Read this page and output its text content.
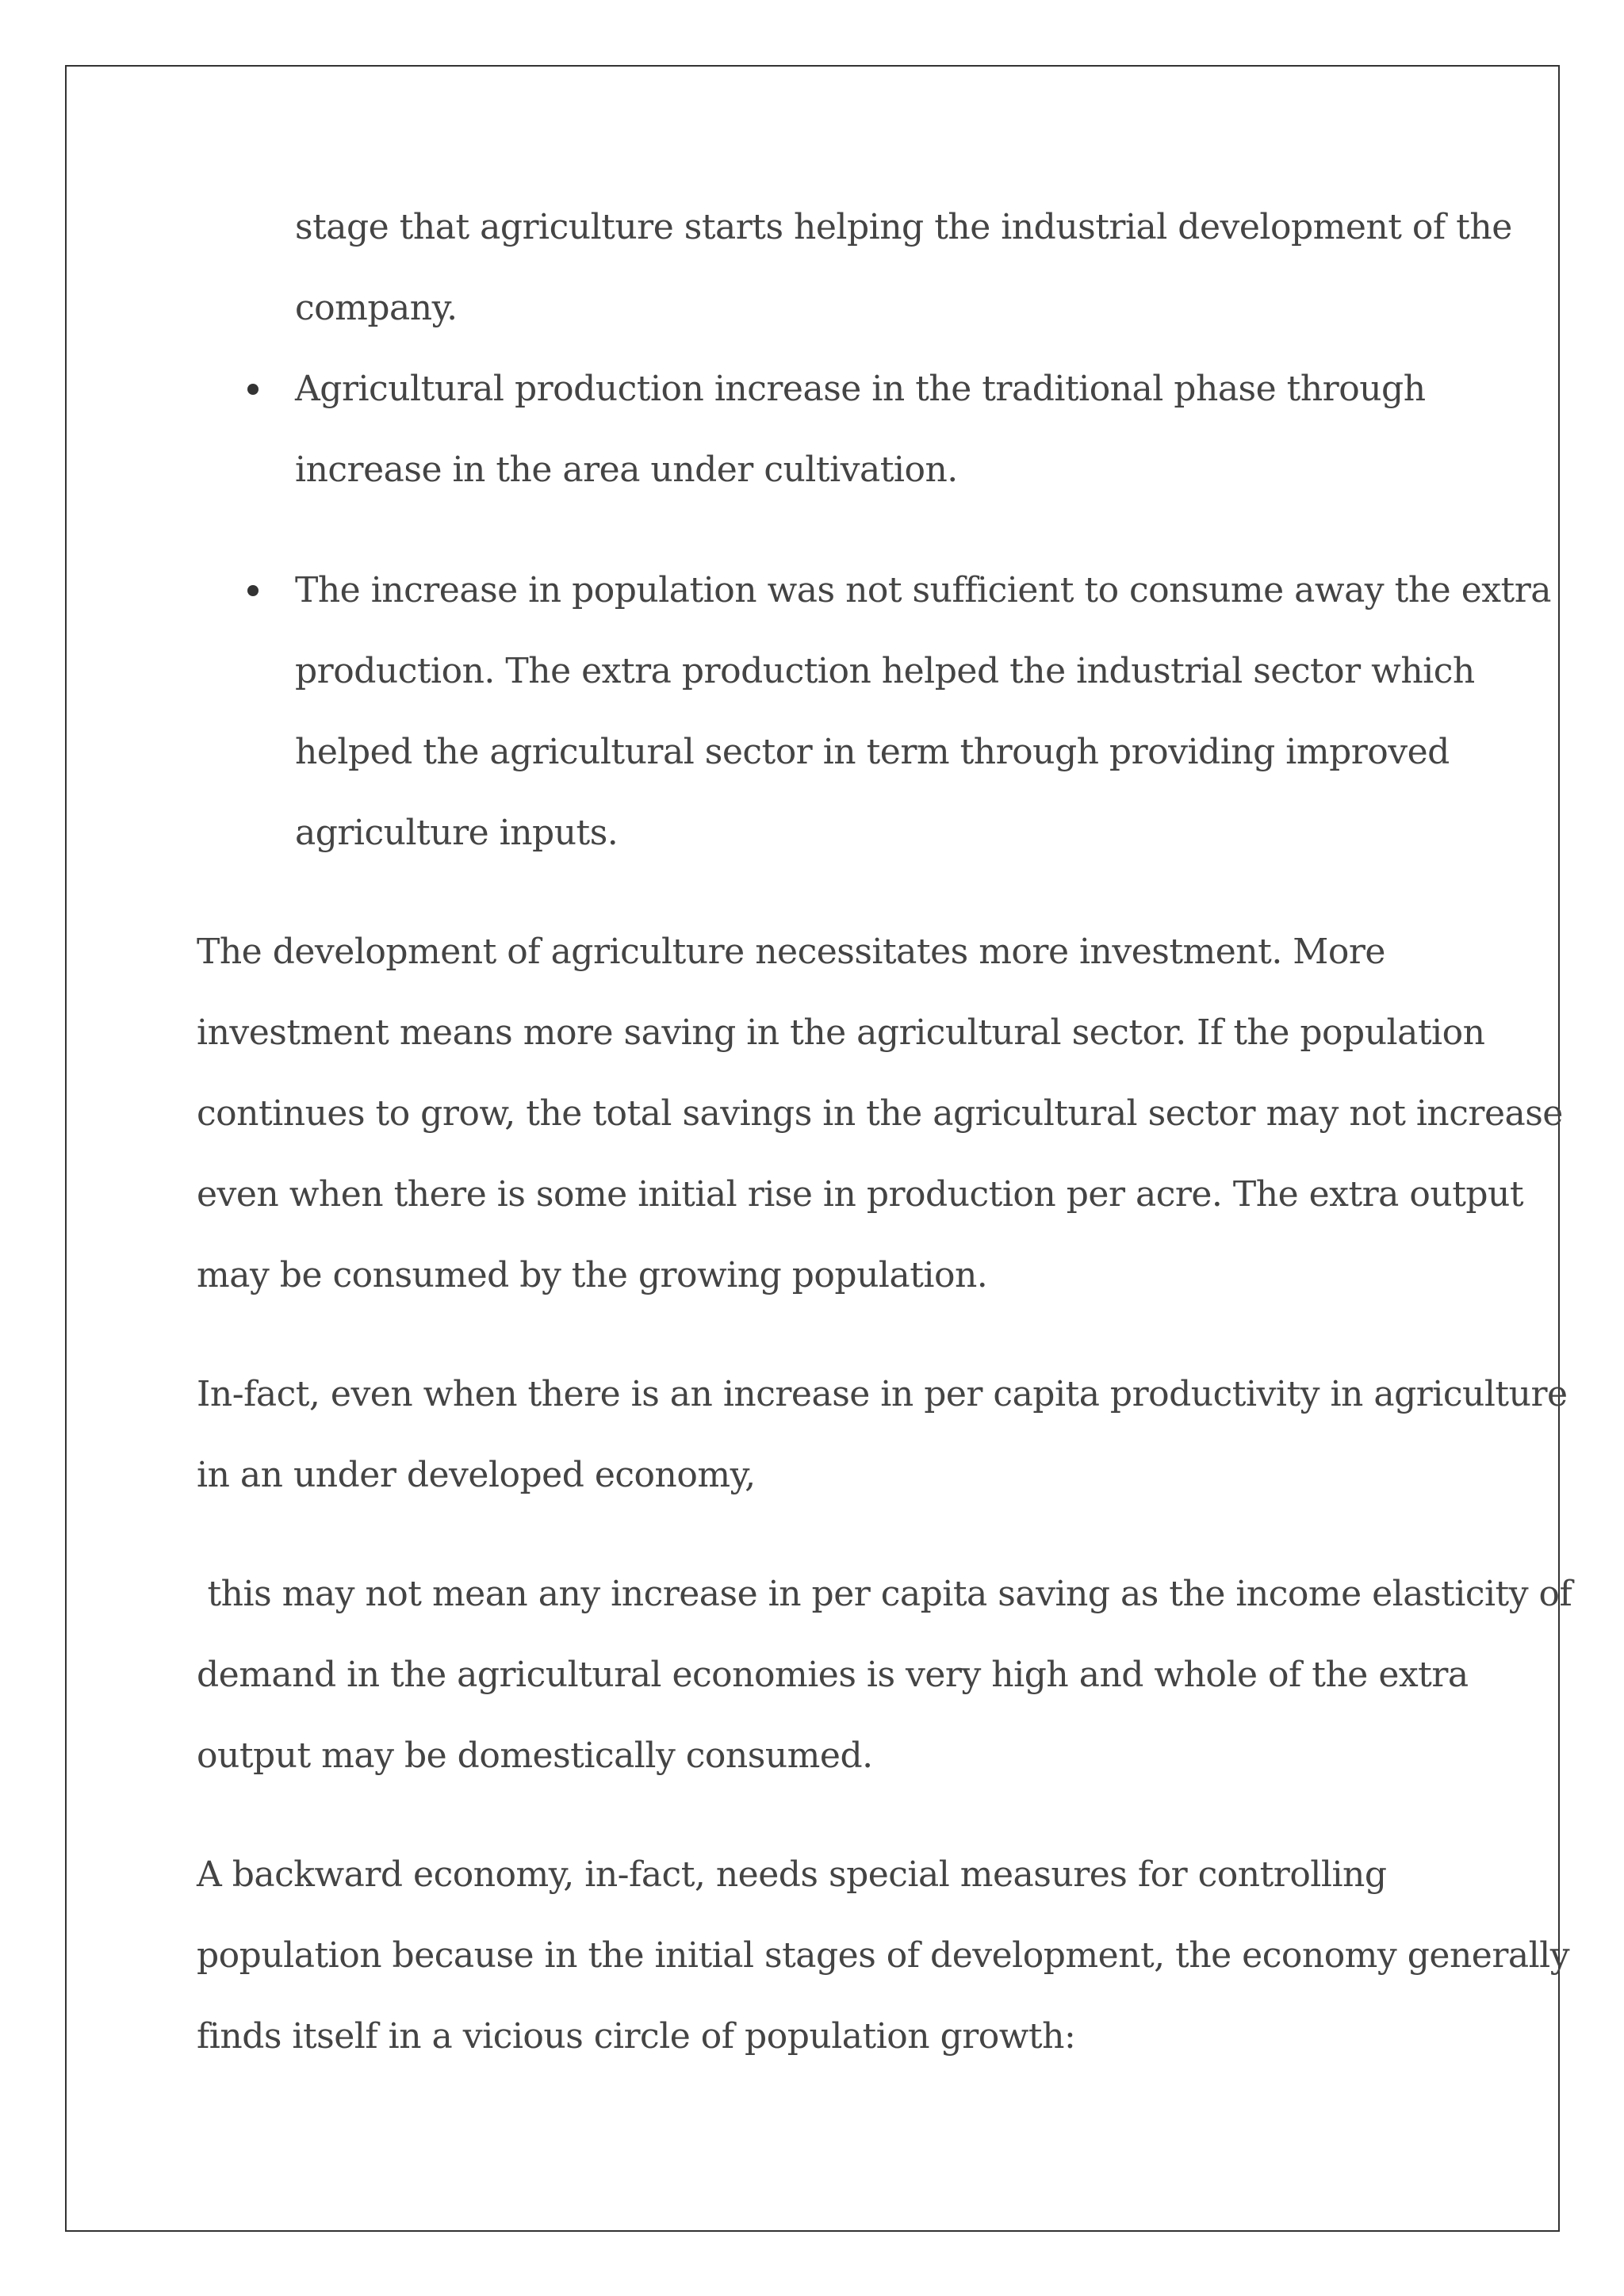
stage that agriculture starts helping the industrial development of the
company.
Agricultural production increase in the traditional phase through
increase in the area under cultivation.
The increase in population was not sufficient to consume away the extra
production. The extra production helped the industrial sector which
helped the agricultural sector in term through providing improved
agriculture inputs.
The development of agriculture necessitates more investment. More
investment means more saving in the agricultural sector. If the population
continues to grow, the total savings in the agricultural sector may not increase
even when there is some initial rise in production per acre. The extra output
may be consumed by the growing population.
In-fact, even when there is an increase in per capita productivity in agriculture
in an under developed economy,
this may not mean any increase in per capita saving as the income elasticity of
demand in the agricultural economies is very high and whole of the extra
output may be domestically consumed.
A backward economy, in-fact, needs special measures for controlling
population because in the initial stages of development, the economy generally
finds itself in a vicious circle of population growth:
